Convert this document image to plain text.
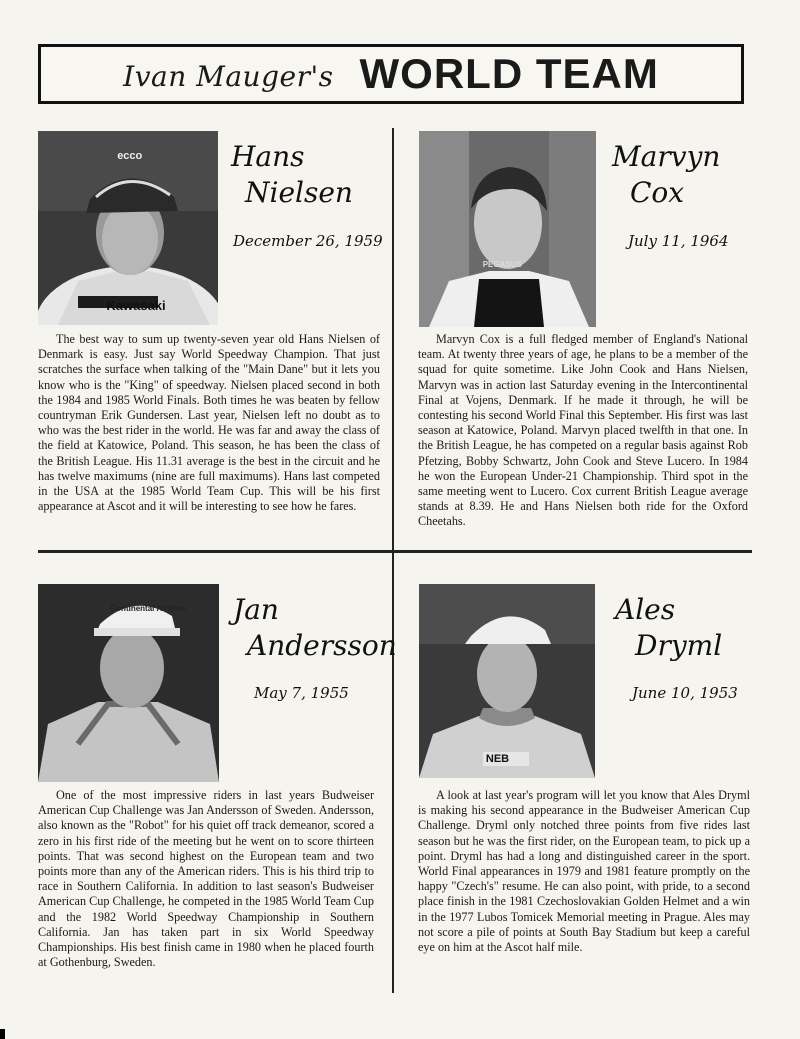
Ivan Mauger's WORLD TEAM
Kawasaki
ecco	Hans
Nielsen
December 26, 1959

The best way to sum up twenty-seven year old Hans Nielsen of Denmark is easy. Just say World Speedway Champion. That just scratches the surface when talking of the "Main Dane" but it lets you know who is the "King" of speedway. Nielsen placed second in both the 1984 and 1985 World Finals. Both times he was beaten by fellow countryman Erik Gundersen. Last year, Nielsen left no doubt as to who was the best rider in the world. He was far and away the class of the field at Katowice, Poland. This season, he has been the class of the British League. His 11.31 average is the best in the circuit and he has twelve maximums (nine are full maximums). Hans last competed in the USA at the 1985 World Team Cup. This will be his first appearance at Ascot and it will be interesting to see how he fares.

PEGASUS
Marvyn
Cox
July 11, 1964

Marvyn Cox is a full fledged member of England's National team. At twenty three years of age, he plans to be a member of the squad for quite sometime. Like John Cook and Hans Nielsen, Marvyn was in action last Saturday evening in the Intercontinental Final at Vojens, Denmark. If he made it through, he will be contesting his second World Final this September. His first was last season at Katowice, Poland. Marvyn placed twelfth in that one. In the British League, he has competed on a regular basis against Rob Pfetzing, Bobby Schwartz, John Cook and Steve Lucero. In 1984 he won the European Under-21 Championship. Third spot in the same meeting went to Lucero. Cox current British League average stands at 8.39. He and Hans Nielsen both ride for the Oxford Cheetahs.

Continental Airlines Jan
Andersson
May 7, 1955

One of the most impressive riders in last years Budweiser American Cup Challenge was Jan Andersson of Sweden. Andersson, also known as the "Robot" for his quiet off track demeanor, scored a zero in his first ride of the meeting but he went on to score thirteen points. That was second highest on the European team and two points more than any of the American riders. This is his third trip to race in Southern California. In addition to last season's Budweiser American Cup Challenge, he competed in the 1985 World Team Cup and the 1982 World Speedway Championship in Southern California. Jan has taken part in six World Speedway Championships. His best finish came in 1980 when he placed fourth at Gothenburg, Sweden.

NEB
Ales
Dryml
June 10, 1953

A look at last year's program will let you know that Ales Dryml is making his second appearance in the Budweiser American Cup Challenge. Dryml only notched three points from five rides last season but he was the first rider, on the European team, to pick up a point. Dryml has had a long and distinguished career in the sport. World Final appearances in 1979 and 1981 feature promptly on the happy "Czech's" resume. He can also point, with pride, to a second place finish in the 1981 Czechoslovakian Golden Helmet and a win in the 1977 Lubos Tomicek Memorial meeting in Prague. Ales may not score a pile of points at South Bay Stadium but keep a careful eye on him at the Ascot half mile.
